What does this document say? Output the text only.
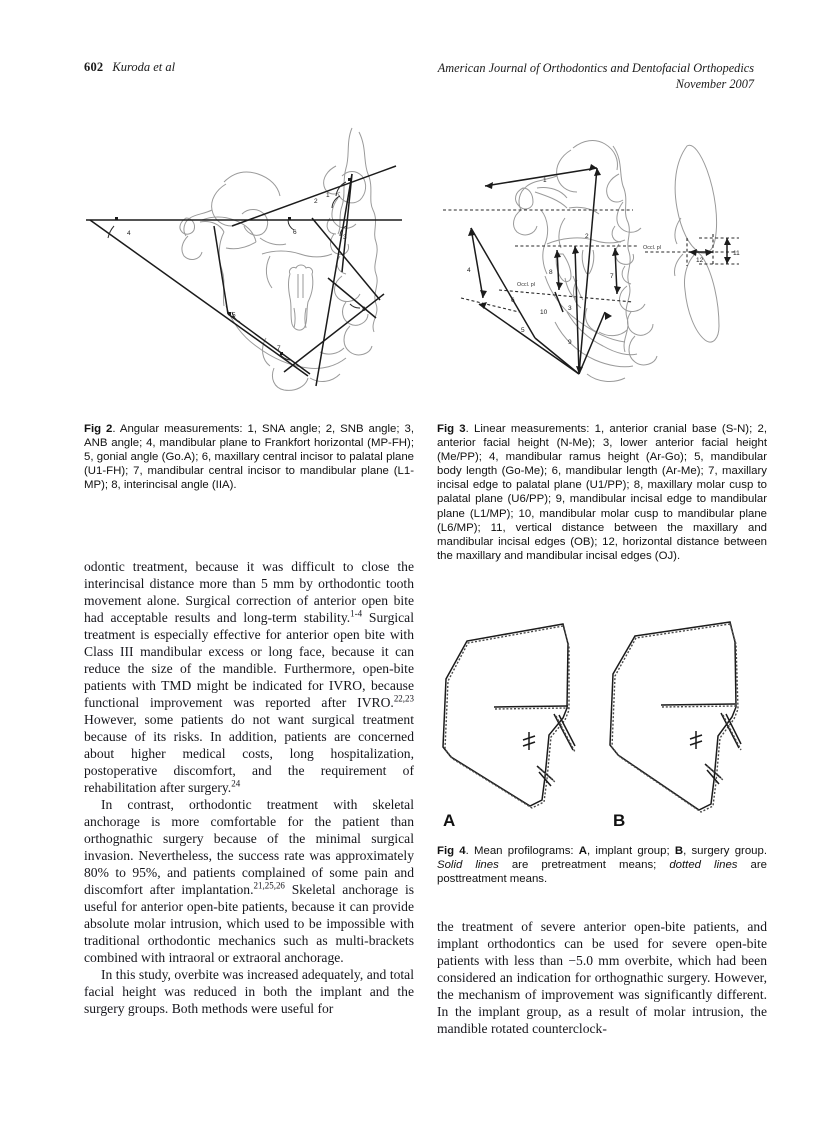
602 Kuroda et al	American Journal of Orthodontics and Dentofacial Orthopedics
November 2007
4
1
2
3
5
6
7
8
Fig 2. Angular measurements: 1, SNA angle; 2, SNB angle; 3, ANB angle; 4, mandibular plane to Frankfort horizontal (MP-FH); 5, gonial angle (Go.A); 6, maxillary central incisor to palatal plane (U1-FH); 7, mandibular central incisor to mandibular plane (L1-MP); 8, interincisal angle (IIA).
1
2
3
4
5
6
7
8
9
10
Occl. pl
Occl. pl
11
12
Fig 3. Linear measurements: 1, anterior cranial base (S-N); 2, anterior facial height (N-Me); 3, lower anterior facial height (Me/PP); 4, mandibular ramus height (Ar-Go); 5, mandibular body length (Go-Me); 6, mandibular length (Ar-Me); 7, maxillary incisal edge to palatal plane (U1/PP); 8, maxillary molar cusp to palatal plane (U6/PP); 9, mandibular incisal edge to mandibular plane (L1/MP); 10, mandibular molar cusp to mandibular plane (L6/MP); 11, vertical distance between the maxillary and mandibular incisal edges (OB); 12, horizontal distance between the maxillary and mandibular incisal edges (OJ).
A	B
Fig 4. Mean profilograms: A, implant group; B, surgery group. Solid lines are pretreatment means; dotted lines are posttreatment means.

odontic treatment, because it was difficult to close the interincisal distance more than 5 mm by orthodontic tooth movement alone. Surgical correction of anterior open bite had acceptable results and long-term stability.$^{1-4}$ Surgical treatment is especially effective for anterior open bite with Class III mandibular excess or long face, because it can reduce the size of the mandible. Furthermore, open-bite patients with TMD might be indicated for IVRO, because functional improvement was reported after IVRO.$^{22,23}$ However, some patients do not want surgical treatment because of its risks. In addition, patients are concerned about higher medical costs, long hospitalization, postoperative discomfort, and the requirement of rehabilitation after surgery.$^{24}$

In contrast, orthodontic treatment with skeletal anchorage is more comfortable for the patient than orthognathic surgery because of the minimal surgical invasion. Nevertheless, the success rate was approximately 80% to 95%, and patients complained of some pain and discomfort after implantation.$^{21,25,26}$ Skeletal anchorage is useful for anterior open-bite patients, because it can provide absolute molar intrusion, which used to be impossible with traditional orthodontic mechanics such as multi-brackets combined with intraoral or extraoral anchorage.

In this study, overbite was increased adequately, and total facial height was reduced in both the implant and the surgery groups. Both methods were useful for

the treatment of severe anterior open-bite patients, and implant orthodontics can be used for severe open-bite patients with less than −5.0 mm overbite, which had been considered an indication for orthognathic surgery. However, the mechanism of improvement was significantly different. In the implant group, as a result of molar intrusion, the mandible rotated counterclock-
